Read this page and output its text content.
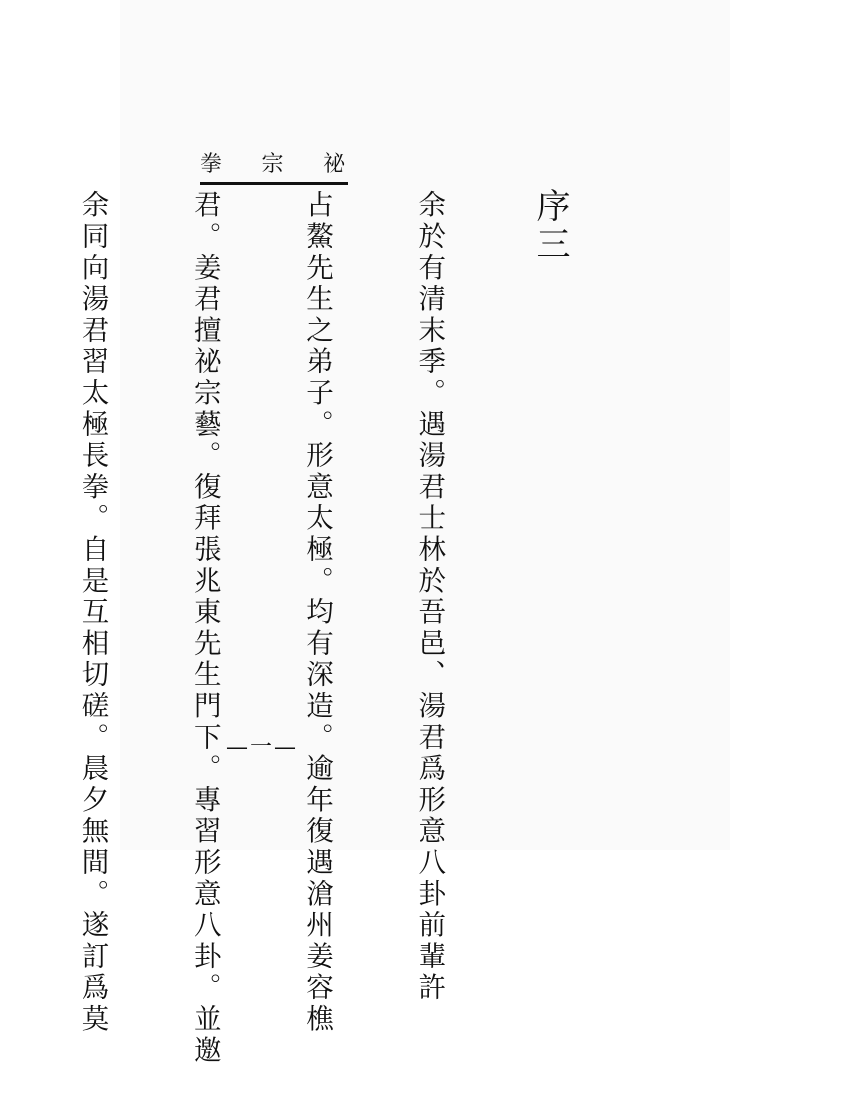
拳 宗 祕
序三

余於有清末季。遇湯君士林於吾邑、湯君爲形意八卦前輩許

占鰲先生之弟子。形意太極。均有深造。逾年復遇滄州姜容樵

君。姜君擅祕宗藝。復拜張兆東先生門下。專習形意八卦。並邀

余同向湯君習太極長拳。自是互相切磋。晨夕無間。遂訂爲莫

	—一—
